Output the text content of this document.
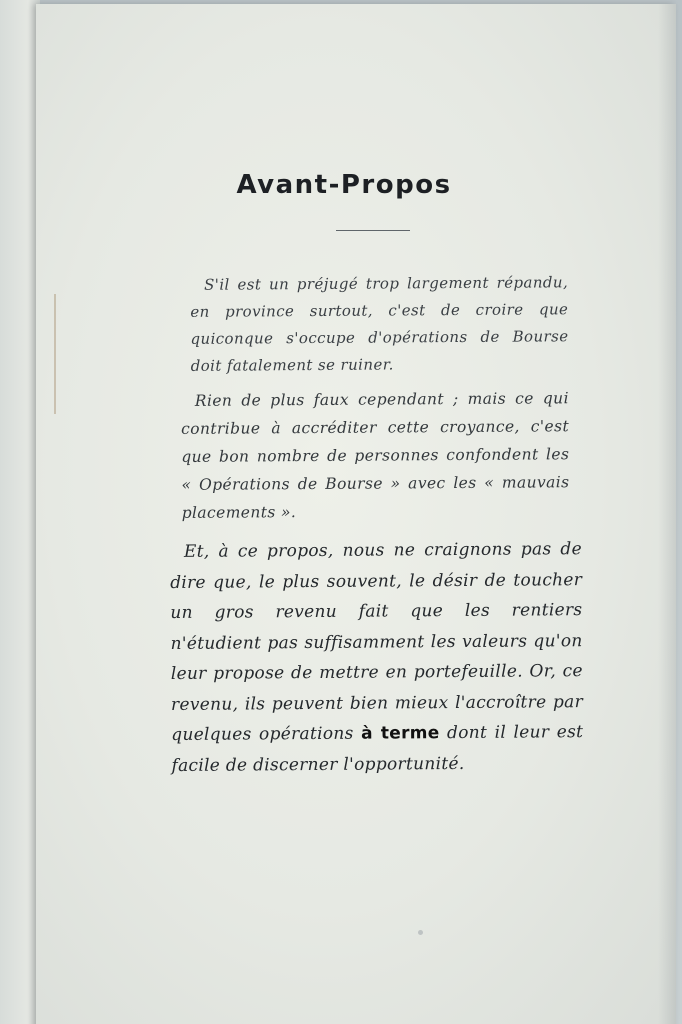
Avant-Propos

S'il est un préjugé trop largement répandu, en province surtout, c'est de croire que quiconque s'occupe d'opérations de Bourse doit fatalement se ruiner.

Rien de plus faux cependant ; mais ce qui contribue à accréditer cette croyance, c'est que bon nombre de personnes confondent les « Opérations de Bourse » avec les « mauvais placements ».

Et, à ce propos, nous ne craignons pas de dire que, le plus souvent, le désir de toucher un gros revenu fait que les rentiers n'étudient pas suffisamment les valeurs qu'on leur propose de mettre en portefeuille. Or, ce revenu, ils peuvent bien mieux l'accroître par quelques opérations à terme dont il leur est facile de discerner l'opportunité.
